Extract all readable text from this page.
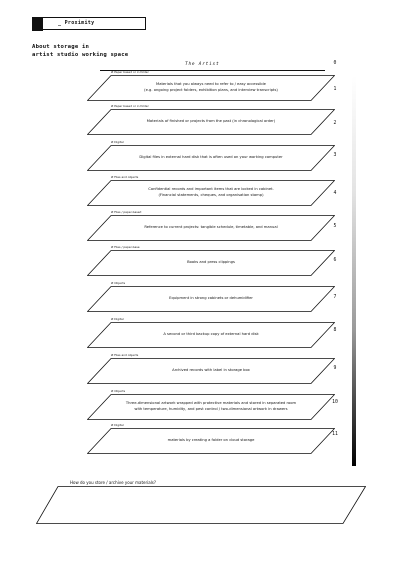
_ Proximity
About storage in
artist studio working space
The Artist	0
1
2
3
4
5
6
7
8
9
10
11
Ø Paper based or in folder
Materials that you always need to refer to / easy accessible
(e.g. ongoing project folders, exhibition plans, and interview transcripts)
Ø Paper based or in folder
Materials of finished or projects from the past (in chronological order)
Ø Digital
Digital files in external hard disk that is often used on your working computer
Ø Files and objects
Confidential records and important items that are locked in cabinet.
(Financial statements, cheques, and organisation stamp)
Ø Files / paper-based
Reference to current projects: tangible schedule, timetable, and manual
Ø Files / paper-base
Books and press clippings
Ø Objects
Equipment in strong cabinets or dehumidifier
Ø Digital
A second or third backup copy of external hard disk
Ø Files and objects
Archived records with label in storage box
Ø Objects
Three-dimensional artwork wrapped with protective materials and stored in separated room
with temperature, humidity, and pest control / two-dimensional artwork in drawers
Ø Digital
materials by creating a folder on cloud storage
How do you store / archive your materials?
